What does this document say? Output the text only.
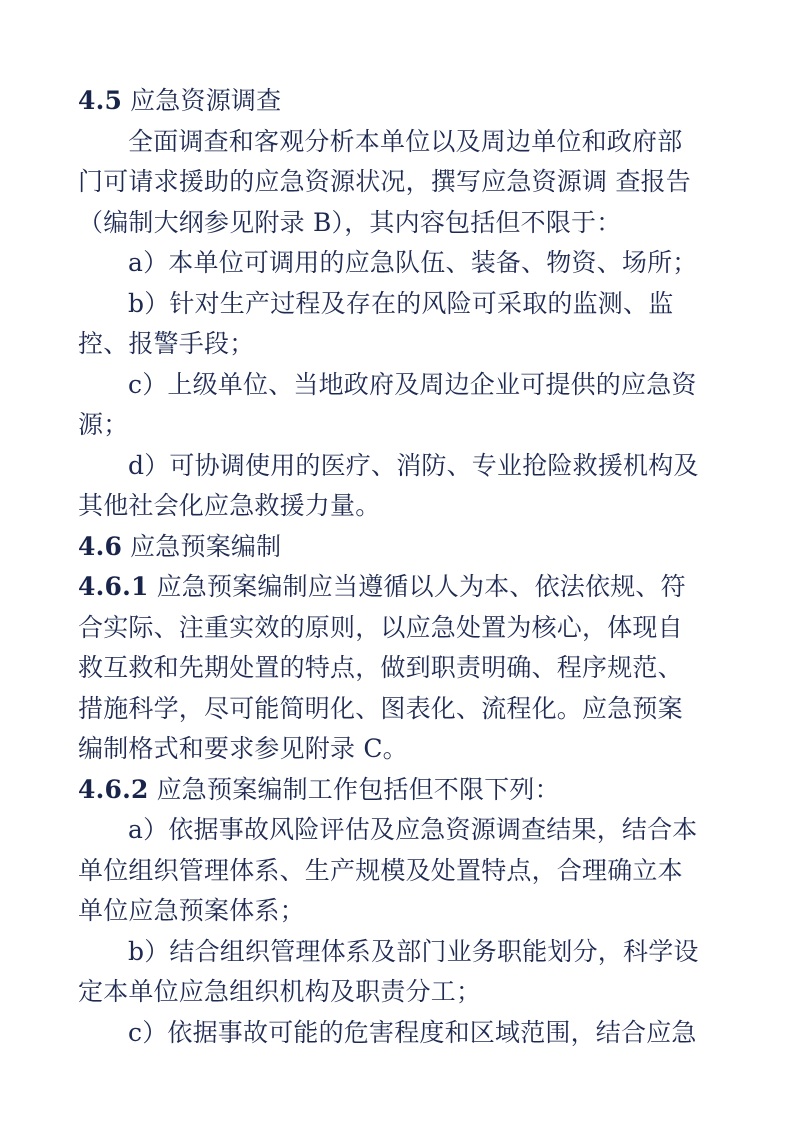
4.5 应急资源调查
全面调查和客观分析本单位以及周边单位和政府部
门可请求援助的应急资源状况，撰写应急资源调 查报告
（编制大纲参见附录 B），其内容包括但不限于：
a）本单位可调用的应急队伍、装备、物资、场所；
b）针对生产过程及存在的风险可采取的监测、监
控、报警手段；
c）上级单位、当地政府及周边企业可提供的应急资
源；
d）可协调使用的医疗、消防、专业抢险救援机构及
其他社会化应急救援力量。
4.6 应急预案编制
4.6.1 应急预案编制应当遵循以人为本、依法依规、符
合实际、注重实效的原则，以应急处置为核心，体现自
救互救和先期处置的特点，做到职责明确、程序规范、
措施科学，尽可能简明化、图表化、流程化。应急预案
编制格式和要求参见附录 C。
4.6.2 应急预案编制工作包括但不限下列：
a）依据事故风险评估及应急资源调查结果，结合本
单位组织管理体系、生产规模及处置特点，合理确立本
单位应急预案体系；
b）结合组织管理体系及部门业务职能划分，科学设
定本单位应急组织机构及职责分工；
c）依据事故可能的危害程度和区域范围，结合应急
